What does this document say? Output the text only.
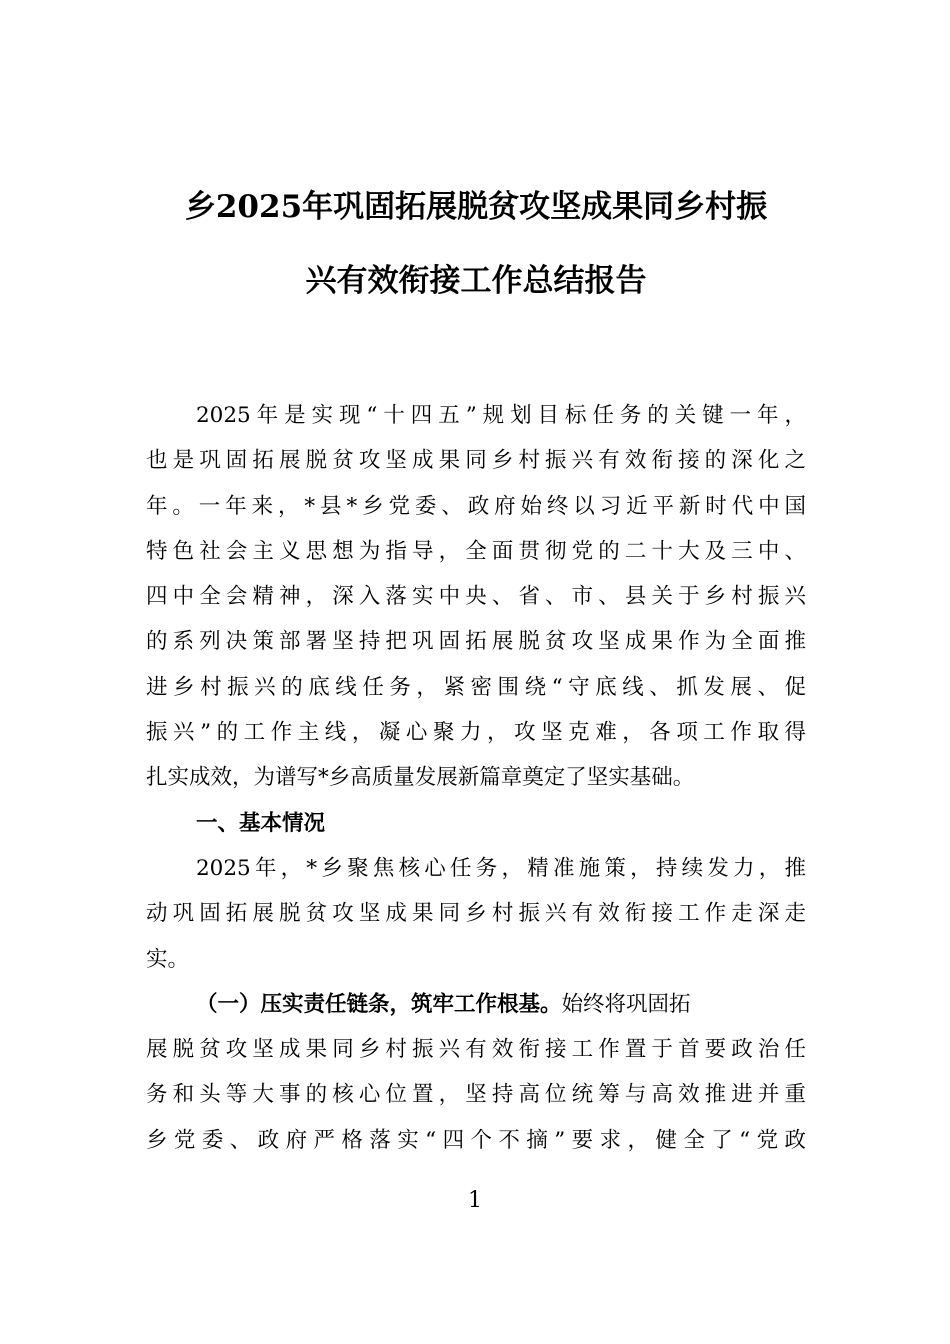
乡2025年巩固拓展脱贫攻坚成果同乡村振
兴有效衔接工作总结报告
2025年是实现“十四五”规划目标任务的关键一年，
也是巩固拓展脱贫攻坚成果同乡村振兴有效衔接的深化之
年。一年来，*县*乡党委、政府始终以习近平新时代中国
特色社会主义思想为指导，全面贯彻党的二十大及三中、
四中全会精神，深入落实中央、省、市、县关于乡村振兴
的系列决策部署坚持把巩固拓展脱贫攻坚成果作为全面推
进乡村振兴的底线任务，紧密围绕“守底线、抓发展、促
振兴”的工作主线，凝心聚力，攻坚克难，各项工作取得
扎实成效，为谱写*乡高质量发展新篇章奠定了坚实基础。
一、基本情况
2025年，*乡聚焦核心任务，精准施策，持续发力，推
动巩固拓展脱贫攻坚成果同乡村振兴有效衔接工作走深走
实。
（一）压实责任链条，筑牢工作根基。始终将巩固拓
展脱贫攻坚成果同乡村振兴有效衔接工作置于首要政治任
务和头等大事的核心位置，坚持高位统筹与高效推进并重
乡党委、政府严格落实“四个不摘”要求，健全了“党政
1
